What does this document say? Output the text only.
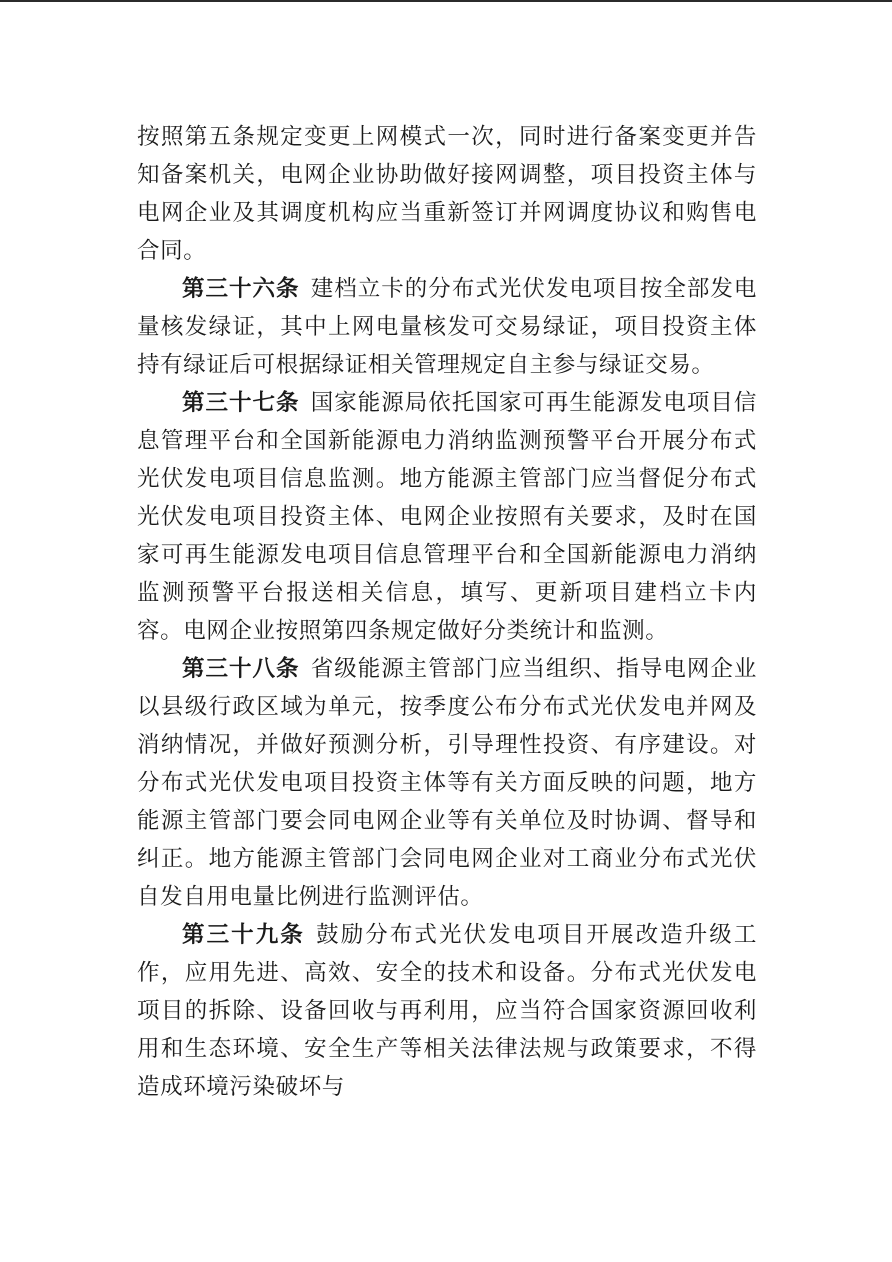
按照第五条规定变更上网模式一次，同时进行备案变更并告知备案机关，电网企业协助做好接网调整，项目投资主体与电网企业及其调度机构应当重新签订并网调度协议和购售电合同。

第三十六条 建档立卡的分布式光伏发电项目按全部发电量核发绿证，其中上网电量核发可交易绿证，项目投资主体持有绿证后可根据绿证相关管理规定自主参与绿证交易。

第三十七条 国家能源局依托国家可再生能源发电项目信息管理平台和全国新能源电力消纳监测预警平台开展分布式光伏发电项目信息监测。地方能源主管部门应当督促分布式光伏发电项目投资主体、电网企业按照有关要求，及时在国家可再生能源发电项目信息管理平台和全国新能源电力消纳监测预警平台报送相关信息，填写、更新项目建档立卡内容。电网企业按照第四条规定做好分类统计和监测。

第三十八条 省级能源主管部门应当组织、指导电网企业以县级行政区域为单元，按季度公布分布式光伏发电并网及消纳情况，并做好预测分析，引导理性投资、有序建设。对分布式光伏发电项目投资主体等有关方面反映的问题，地方能源主管部门要会同电网企业等有关单位及时协调、督导和纠正。地方能源主管部门会同电网企业对工商业分布式光伏自发自用电量比例进行监测评估。

第三十九条 鼓励分布式光伏发电项目开展改造升级工作，应用先进、高效、安全的技术和设备。分布式光伏发电项目的拆除、设备回收与再利用，应当符合国家资源回收利用和生态环境、安全生产等相关法律法规与政策要求，不得造成环境污染破坏与
